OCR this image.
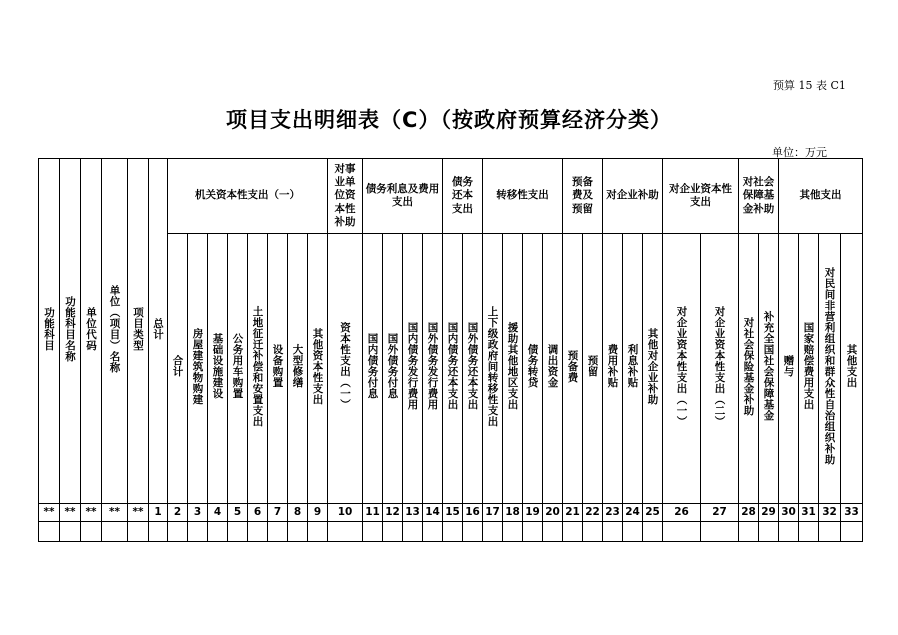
预算 15 表 C1
项目支出明细表（C）（按政府预算经济分类）
单位：万元
功能科目	功能科目名称	单位代码	单位（项目）名称	项目类型	总计	机关资本性支出（一）								对事业单位资本性补助	债务利息及费用支出				债务还本支出		转移性支出				预备费及预留		对企业补助			对企业资本性支出		对社会保障基金补助		其他支出			
						合计	房屋建筑物购建	基础设施建设	公务用车购置	土地征迁补偿和安置支出	设备购置	大型修缮	其他资本性支出	资本性支出（一）	国内债务付息	国外债务付息	国内债务发行费用	国外债务发行费用	国内债务还本支出	国外债务还本支出	上下级政府间转移性支出	援助其他地区支出	债务转贷	调出资金	预备费	预留	费用补贴	利息补贴	其他对企业补助	对企业资本性支出（一）	对企业资本性支出（二）	对社会保险基金补助	补充全国社会保障基金	赠与	国家赔偿费用支出	对民间非营利组织和群众性自治组织补助	其他支出
**	**	**	**	**	1	2	3	4	5	6	7	8	9	10	11	12	13	14	15	16	17	18	19	20	21	22	23	24	25	26	27	28	29	30	31	32	33
